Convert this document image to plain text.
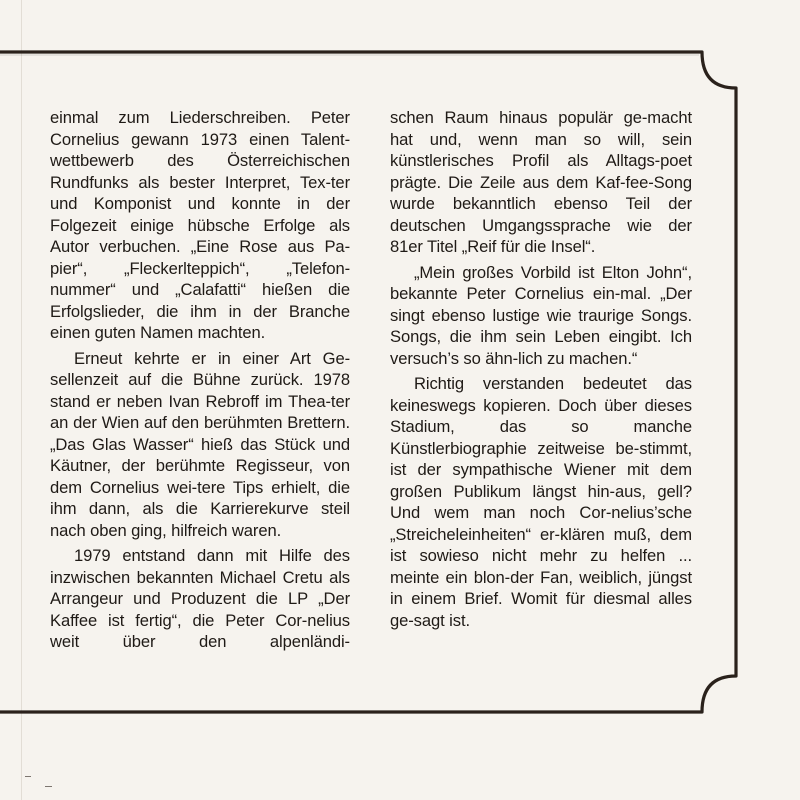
einmal zum Liederschreiben. Peter Cornelius gewann 1973 einen Talent-wettbewerb des Österreichischen Rundfunks als bester Interpret, Tex-ter und Komponist und konnte in der Folgezeit einige hübsche Erfolge als Autor verbuchen. „Eine Rose aus Pa-pier“, „Fleckerlteppich“, „Telefon-nummer“ und „Calafatti“ hießen die Erfolgslieder, die ihm in der Branche einen guten Namen machten.

Erneut kehrte er in einer Art Ge-sellenzeit auf die Bühne zurück. 1978 stand er neben Ivan Rebroff im Thea-ter an der Wien auf den berühmten Brettern. „Das Glas Wasser“ hieß das Stück und Käutner, der berühmte Regisseur, von dem Cornelius wei-tere Tips erhielt, die ihm dann, als die Karrierekurve steil nach oben ging, hilfreich waren.

1979 entstand dann mit Hilfe des inzwischen bekannten Michael Cretu als Arrangeur und Produzent die LP „Der Kaffee ist fertig“, die Peter Cor-nelius weit über den alpenländi-

schen Raum hinaus populär ge-macht hat und, wenn man so will, sein künstlerisches Profil als Alltags-poet prägte. Die Zeile aus dem Kaf-fee-Song wurde bekanntlich ebenso Teil der deutschen Umgangssprache wie der 81er Titel „Reif für die Insel“.

„Mein großes Vorbild ist Elton John“, bekannte Peter Cornelius ein-mal. „Der singt ebenso lustige wie traurige Songs. Songs, die ihm sein Leben eingibt. Ich versuch’s so ähn-lich zu machen.“

Richtig verstanden bedeutet das keineswegs kopieren. Doch über dieses Stadium, das so manche Künstlerbiographie zeitweise be-stimmt, ist der sympathische Wiener mit dem großen Publikum längst hin-aus, gell? Und wem man noch Cor-nelius’sche „Streicheleinheiten“ er-klären muß, dem ist sowieso nicht mehr zu helfen ... meinte ein blon-der Fan, weiblich, jüngst in einem Brief. Womit für diesmal alles ge-sagt ist.
